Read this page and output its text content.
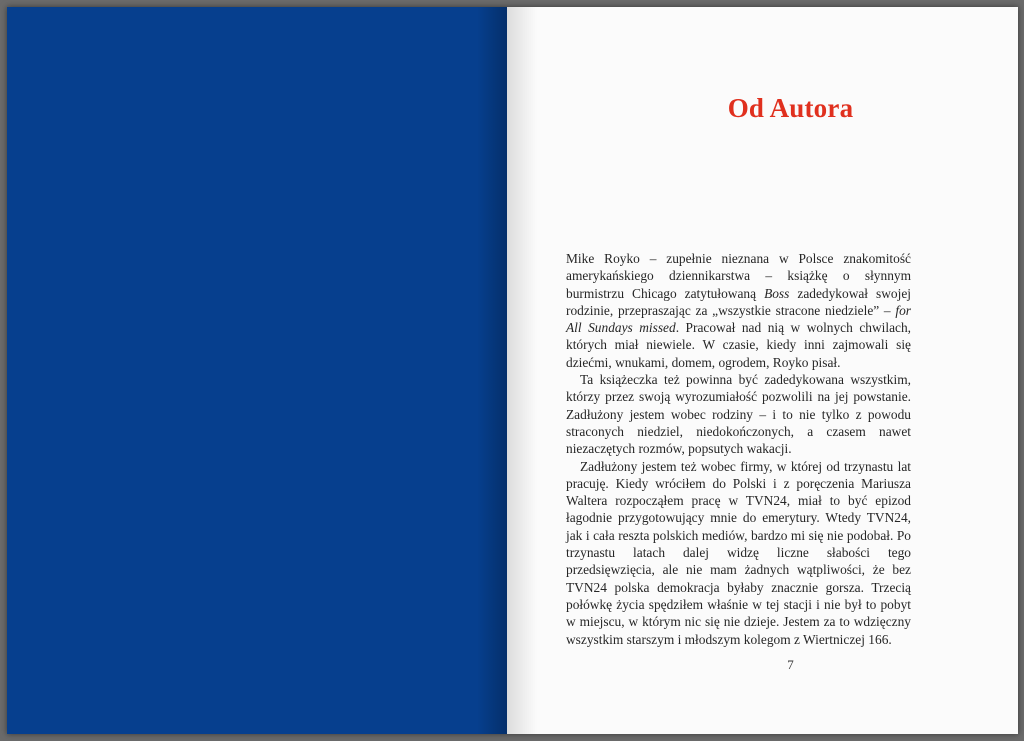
Od Autora

Mike Royko – zupełnie nieznana w Polsce znakomitość amerykańskiego dziennikarstwa – książkę o słynnym burmistrzu Chicago zatytułowaną Boss zadedykował swojej rodzinie, przepraszając za „wszystkie stracone niedziele” – for All Sundays missed. Pracował nad nią w wolnych chwilach, których miał niewiele. W czasie, kiedy inni zajmowali się dziećmi, wnukami, domem, ogrodem, Royko pisał.

Ta książeczka też powinna być zadedykowana wszystkim, którzy przez swoją wyrozumiałość pozwolili na jej powstanie. Zadłużony jestem wobec rodziny – i to nie tylko z powodu straconych niedziel, niedokończonych, a czasem nawet niezaczętych rozmów, popsutych wakacji.

Zadłużony jestem też wobec firmy, w której od trzynastu lat pracuję. Kiedy wróciłem do Polski i z poręczenia Mariusza Waltera rozpocząłem pracę w TVN24, miał to być epizod łagodnie przygotowujący mnie do emerytury. Wtedy TVN24, jak i cała reszta polskich mediów, bardzo mi się nie podobał. Po trzynastu latach dalej widzę liczne słabości tego przedsięwzięcia, ale nie mam żadnych wątpliwości, że bez TVN24 polska demokracja byłaby znacznie gorsza. Trzecią połówkę życia spędziłem właśnie w tej stacji i nie był to pobyt w miejscu, w którym nic się nie dzieje. Jestem za to wdzięczny wszystkim starszym i młodszym kolegom z Wiertniczej 166.

7
